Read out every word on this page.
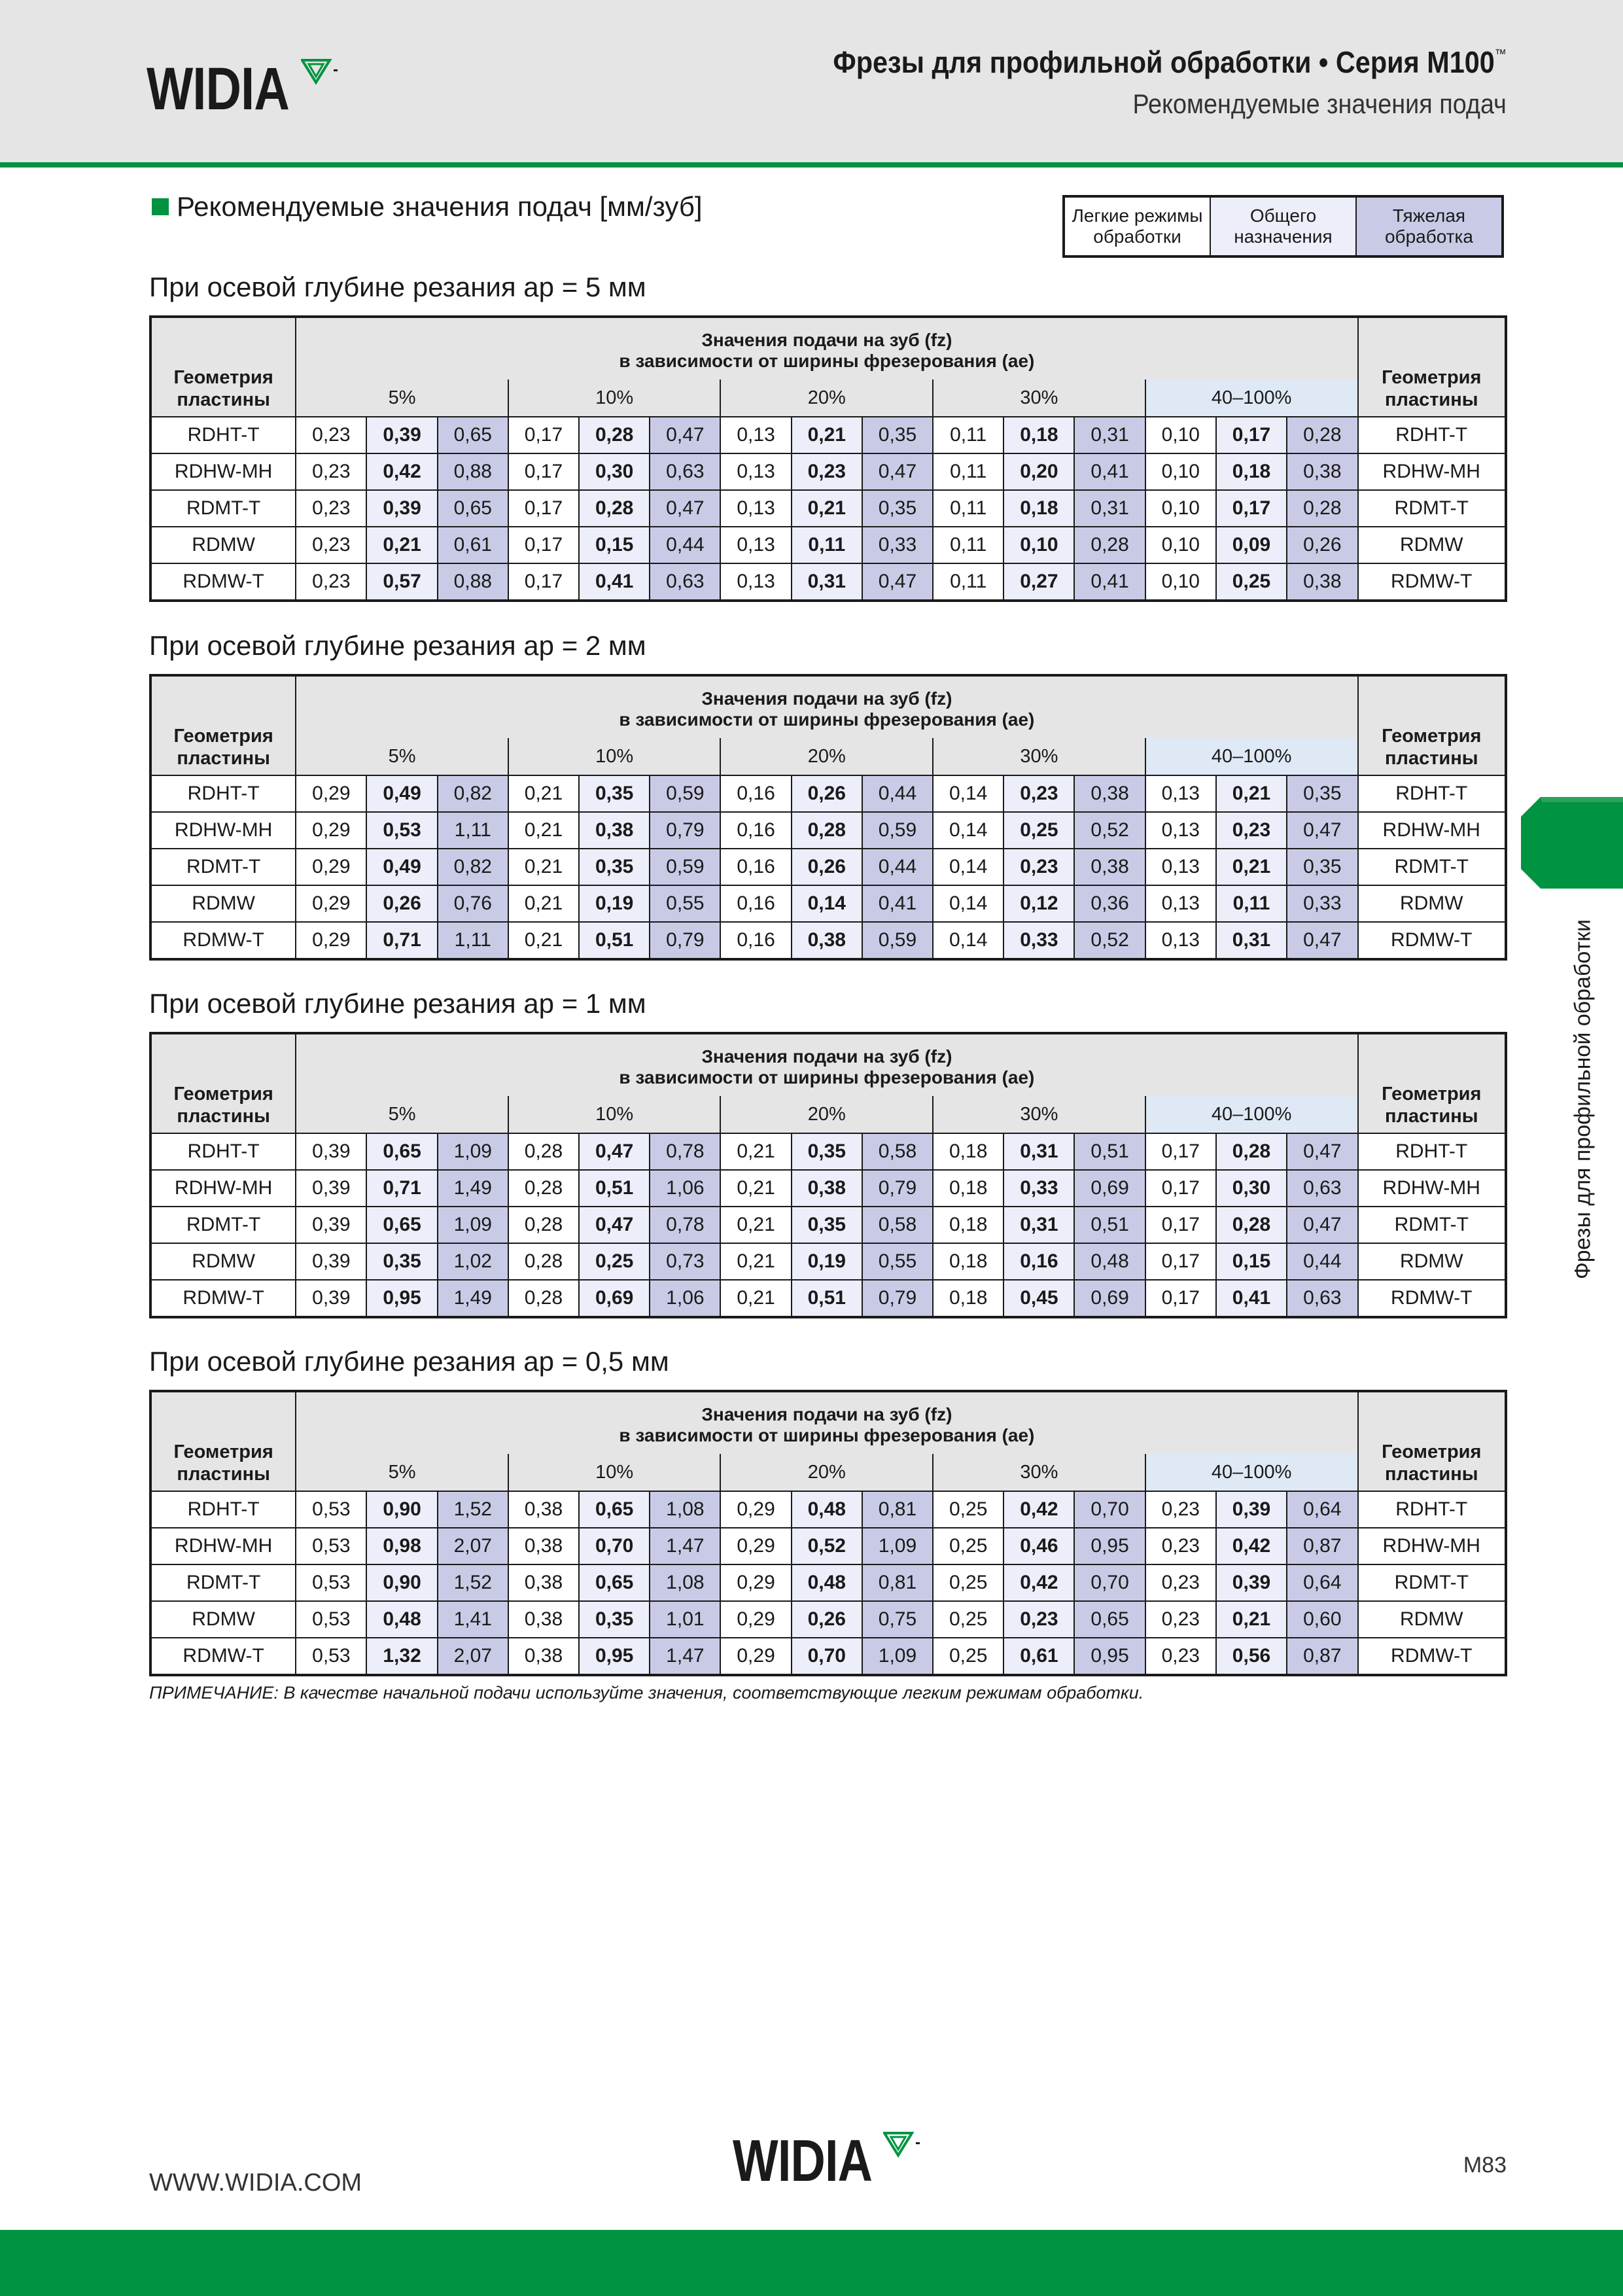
WIDIA	Фрезы для профильной обработки • Серия M100™
Рекомендуемые значения подач
Рекомендуемые значения подач [мм/зуб]	Легкие режимы обработки	Общего назначения	Тяжелая обработка
При осевой глубине резания ap = 5 мм
Геометрия пластины	Значения подачи на зуб (fz)
в зависимости от ширины фрезерования (ae)															Геометрия пластины
	5%			10%			20%			30%			40–100%			
RDHT-T	0,23	0,39	0,65	0,17	0,28	0,47	0,13	0,21	0,35	0,11	0,18	0,31	0,10	0,17	0,28	RDHT-T
RDHW-MH	0,23	0,42	0,88	0,17	0,30	0,63	0,13	0,23	0,47	0,11	0,20	0,41	0,10	0,18	0,38	RDHW-MH
RDMT-T	0,23	0,39	0,65	0,17	0,28	0,47	0,13	0,21	0,35	0,11	0,18	0,31	0,10	0,17	0,28	RDMT-T
RDMW	0,23	0,21	0,61	0,17	0,15	0,44	0,13	0,11	0,33	0,11	0,10	0,28	0,10	0,09	0,26	RDMW
RDMW-T	0,23	0,57	0,88	0,17	0,41	0,63	0,13	0,31	0,47	0,11	0,27	0,41	0,10	0,25	0,38	RDMW-T
При осевой глубине резания ap = 2 мм
Геометрия пластины	Значения подачи на зуб (fz)
в зависимости от ширины фрезерования (ae)															Геометрия пластины
	5%			10%			20%			30%			40–100%			
RDHT-T	0,29	0,49	0,82	0,21	0,35	0,59	0,16	0,26	0,44	0,14	0,23	0,38	0,13	0,21	0,35	RDHT-T
RDHW-MH	0,29	0,53	1,11	0,21	0,38	0,79	0,16	0,28	0,59	0,14	0,25	0,52	0,13	0,23	0,47	RDHW-MH
RDMT-T	0,29	0,49	0,82	0,21	0,35	0,59	0,16	0,26	0,44	0,14	0,23	0,38	0,13	0,21	0,35	RDMT-T
RDMW	0,29	0,26	0,76	0,21	0,19	0,55	0,16	0,14	0,41	0,14	0,12	0,36	0,13	0,11	0,33	RDMW
RDMW-T	0,29	0,71	1,11	0,21	0,51	0,79	0,16	0,38	0,59	0,14	0,33	0,52	0,13	0,31	0,47	RDMW-T
При осевой глубине резания ap = 1 мм
Геометрия пластины	Значения подачи на зуб (fz)
в зависимости от ширины фрезерования (ae)															Геометрия пластины
	5%			10%			20%			30%			40–100%			
RDHT-T	0,39	0,65	1,09	0,28	0,47	0,78	0,21	0,35	0,58	0,18	0,31	0,51	0,17	0,28	0,47	RDHT-T
RDHW-MH	0,39	0,71	1,49	0,28	0,51	1,06	0,21	0,38	0,79	0,18	0,33	0,69	0,17	0,30	0,63	RDHW-MH
RDMT-T	0,39	0,65	1,09	0,28	0,47	0,78	0,21	0,35	0,58	0,18	0,31	0,51	0,17	0,28	0,47	RDMT-T
RDMW	0,39	0,35	1,02	0,28	0,25	0,73	0,21	0,19	0,55	0,18	0,16	0,48	0,17	0,15	0,44	RDMW
RDMW-T	0,39	0,95	1,49	0,28	0,69	1,06	0,21	0,51	0,79	0,18	0,45	0,69	0,17	0,41	0,63	RDMW-T
При осевой глубине резания ap = 0,5 мм
Геометрия пластины	Значения подачи на зуб (fz)
в зависимости от ширины фрезерования (ae)															Геометрия пластины
	5%			10%			20%			30%			40–100%			
RDHT-T	0,53	0,90	1,52	0,38	0,65	1,08	0,29	0,48	0,81	0,25	0,42	0,70	0,23	0,39	0,64	RDHT-T
RDHW-MH	0,53	0,98	2,07	0,38	0,70	1,47	0,29	0,52	1,09	0,25	0,46	0,95	0,23	0,42	0,87	RDHW-MH
RDMT-T	0,53	0,90	1,52	0,38	0,65	1,08	0,29	0,48	0,81	0,25	0,42	0,70	0,23	0,39	0,64	RDMT-T
RDMW	0,53	0,48	1,41	0,38	0,35	1,01	0,29	0,26	0,75	0,25	0,23	0,65	0,23	0,21	0,60	RDMW
RDMW-T	0,53	1,32	2,07	0,38	0,95	1,47	0,29	0,70	1,09	0,25	0,61	0,95	0,23	0,56	0,87	RDMW-T
ПРИМЕЧАНИЕ: В качестве начальной подачи используйте значения, соответствующие легким режимам обработки.
Фрезы для профильной обработки
WWW.WIDIA.COM	WIDIA	M83
